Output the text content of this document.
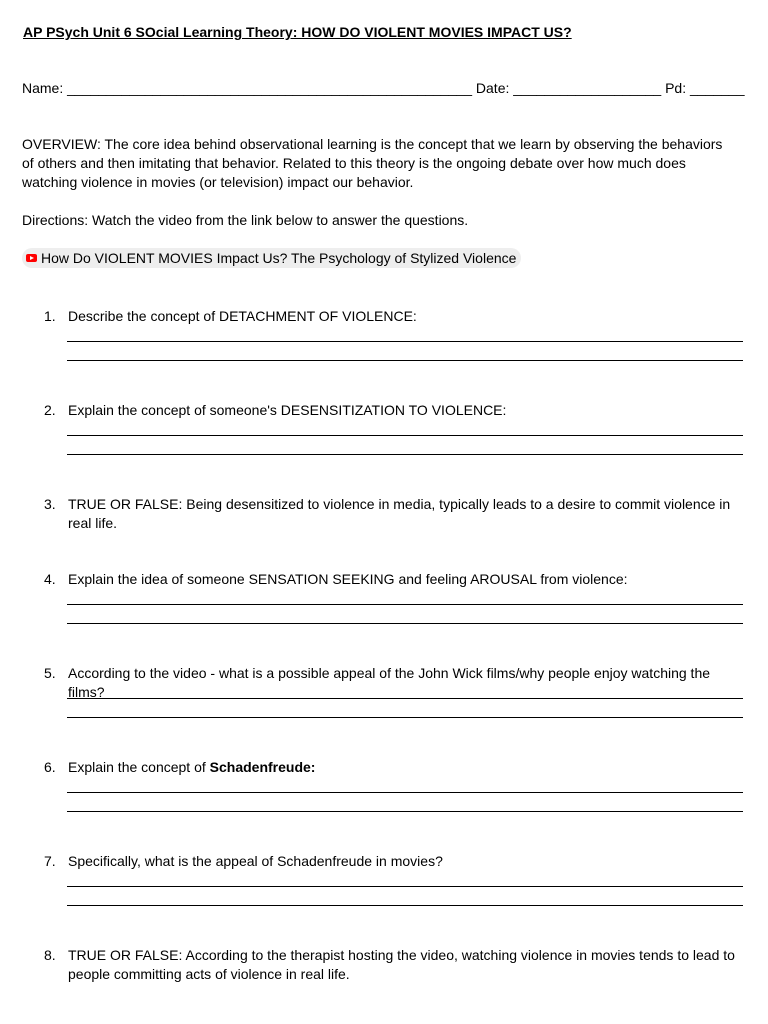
AP PSych Unit 6 SOcial Learning Theory: HOW DO VIOLENT MOVIES IMPACT US?
Name: ____________________________________________________ Date: ___________________ Pd: _______
OVERVIEW: The core idea behind observational learning is the concept that we learn by observing the behaviors of others and then imitating that behavior. Related to this theory is the ongoing debate over how much does watching violence in movies (or television) impact our behavior.
Directions: Watch the video from the link below to answer the questions.
How Do VIOLENT MOVIES Impact Us? The Psychology of Stylized Violence
1. Describe the concept of DETACHMENT OF VIOLENCE:
2. Explain the concept of someone's DESENSITIZATION TO VIOLENCE:
3. TRUE OR FALSE: Being desensitized to violence in media, typically leads to a desire to commit violence in real life.
4. Explain the idea of someone SENSATION SEEKING and feeling AROUSAL from violence:
5. According to the video - what is a possible appeal of the John Wick films/why people enjoy watching the films?
6. Explain the concept of Schadenfreude:
7. Specifically, what is the appeal of Schadenfreude in movies?
8. TRUE OR FALSE: According to the therapist hosting the video, watching violence in movies tends to lead to people committing acts of violence in real life.
